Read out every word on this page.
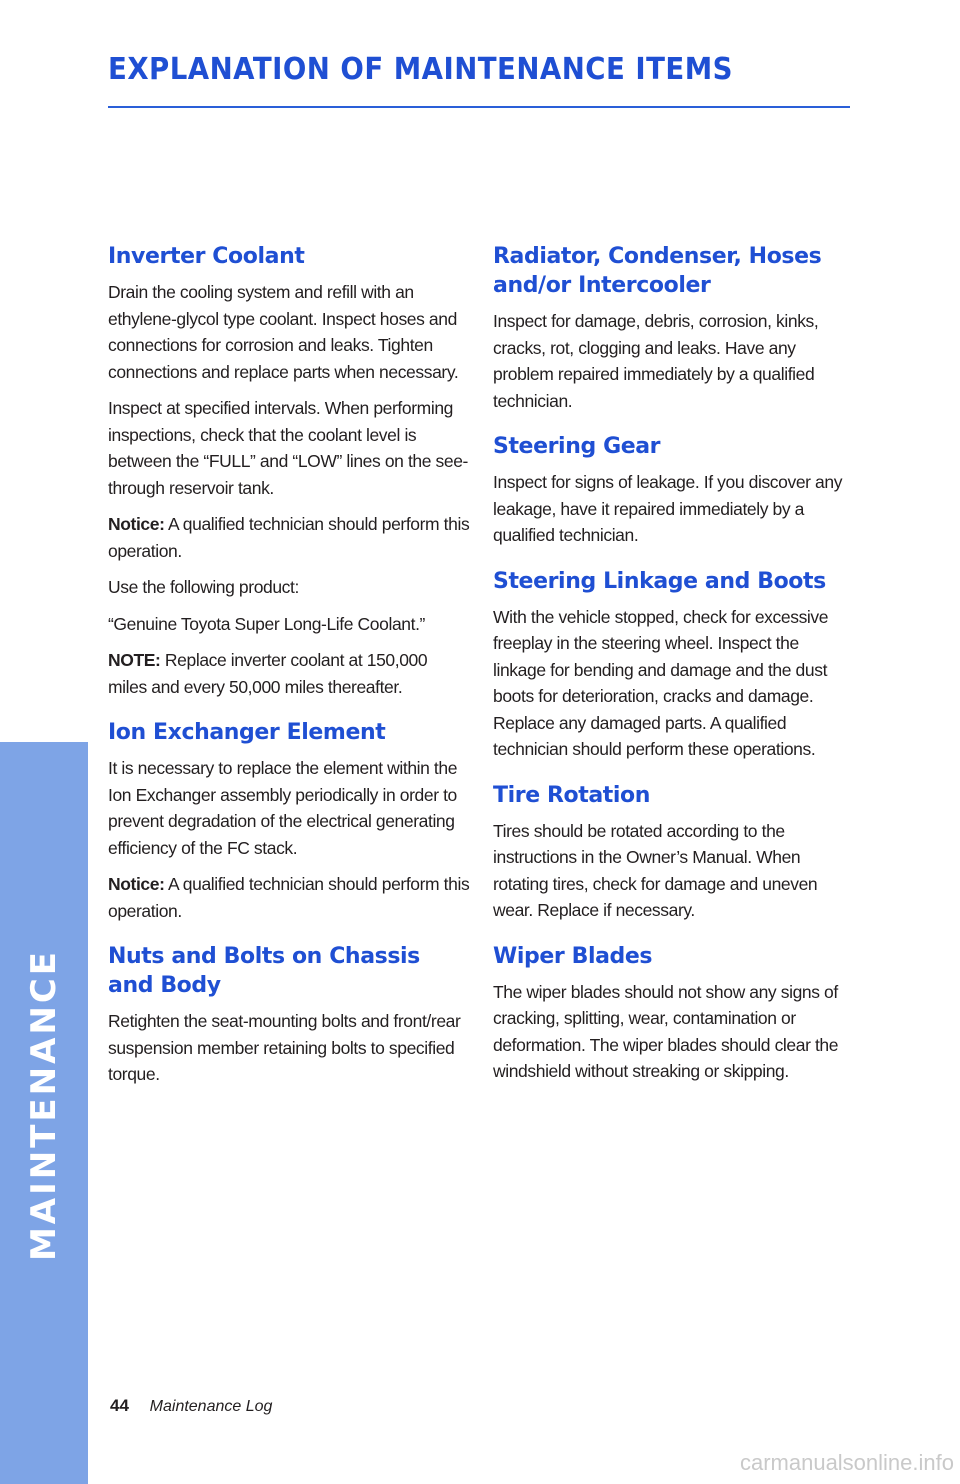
MAINTENANCE
EXPLANATION OF MAINTENANCE ITEMS
Inverter Coolant

Drain the cooling system and refill with an ethylene-glycol type coolant. Inspect hoses and connections for corrosion and leaks. Tighten connections and replace parts when necessary.

Inspect at specified intervals. When performing inspections, check that the coolant level is between the “FULL” and “LOW” lines on the see-through reservoir tank.

Notice: A qualified technician should perform this operation.

Use the following product:

“Genuine Toyota Super Long-Life Coolant.”

NOTE: Replace inverter coolant at 150,000 miles and every 50,000 miles thereafter.

Ion Exchanger Element

It is necessary to replace the element within the Ion Exchanger assembly periodically in order to prevent degradation of the electrical generating efficiency of the FC stack.

Notice: A qualified technician should perform this operation.

Nuts and Bolts on Chassis
and Body

Retighten the seat-mounting bolts and front/rear suspension member retaining bolts to specified torque.

Radiator, Condenser, Hoses
and/or Intercooler

Inspect for damage, debris, corrosion, kinks, cracks, rot, clogging and leaks. Have any problem repaired immediately by a qualified technician.

Steering Gear

Inspect for signs of leakage. If you discover any leakage, have it repaired immediately by a qualified technician.

Steering Linkage and Boots

With the vehicle stopped, check for excessive freeplay in the steering wheel. Inspect the linkage for bending and damage and the dust boots for deterioration, cracks and damage. Replace any damaged parts. A qualified technician should perform these operations.

Tire Rotation

Tires should be rotated according to the instructions in the Owner’s Manual. When rotating tires, check for damage and uneven wear. Replace if necessary.

Wiper Blades

The wiper blades should not show any signs of cracking, splitting, wear, contamination or deformation. The wiper blades should clear the windshield without streaking or skipping.

44 Maintenance Log
carmanualsonline.info
